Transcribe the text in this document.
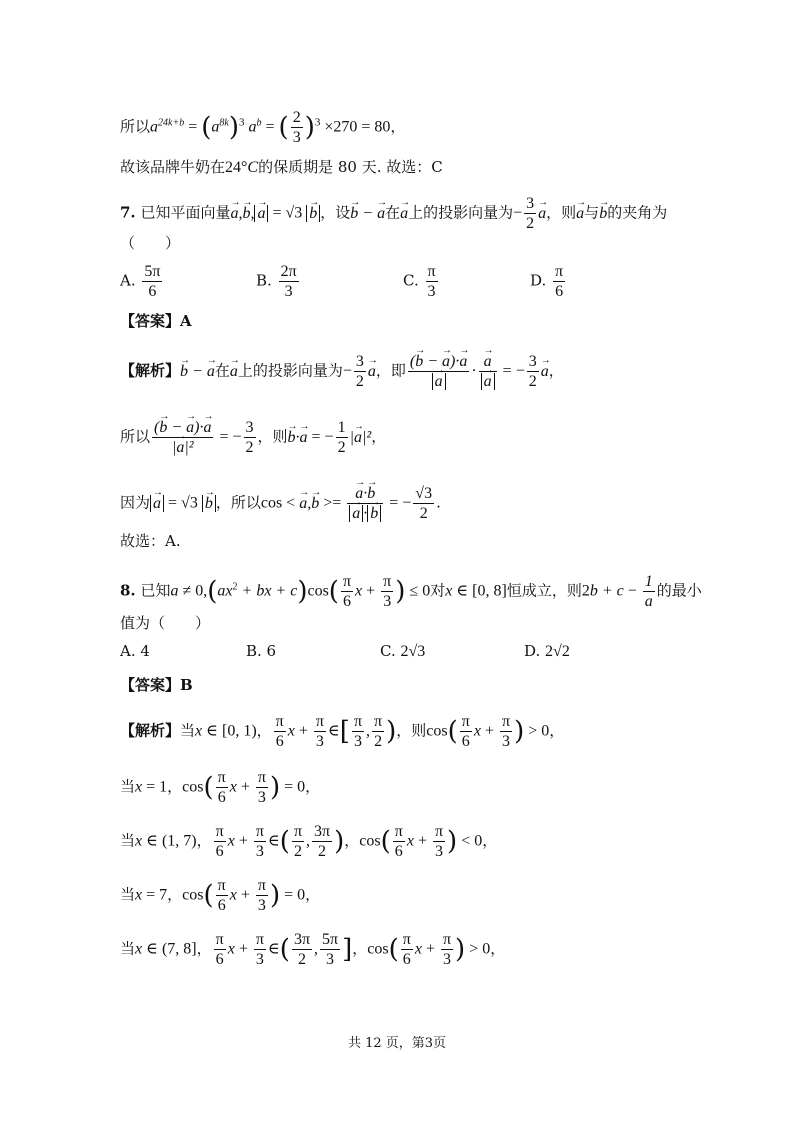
所以$a^{24k+b} = (a^{8k})^3$ $a^b$ = ( $\frac{2}{3} )^3 \times 270 = 80$，
故该品牌牛奶在24°C的保质期是 80 天. 故选：C
7. 已知平面向量→ a,→ b,→ a = √3 → b ，设→ b − → a在→ a上的投影向量为− $\frac{3}{2}$
→ a，则→ a与→ b的夹角为
（　　）
A. $\frac{5\pi}{6}$	B. $\frac{2\pi}{3}$	C. $\frac{\pi}{3}$	D. $\frac{\pi}{6}$
【答案】A
【解析】→ b − → a在→ a上的投影向量为− $\frac{3}{2}$
→ a，即 (→ b − → a)·→ a
→ a ·
→ a
→ a = − $\frac{3}{2}$
→ a，
所以 $\frac{(\to b - \to a)\cdot\to a}{\text{|→ a|²}}$ = − $\frac{3}{2}$ ，则→ b·→ a = − $\frac{1}{2}$ |→ a|²，
因为→ a = √3 → b ，所以cos < → a,→ b >=
→ a·→ b
→ a ·→ b = − $\frac{√3}{2}$ .
故选：A.
8. 已知$a \ne 0,(ax^2$ + bx + $c)\cos( \frac{\pi}{6}$ $x + \frac{\pi}{3}$ ) ≤ 0对x ∈ [0, 8]恒成立，则$2b + c - \frac{1}{a}$ 的最小
值为（　　）
A. 4	B. 6	C. 2√3	D. 2√2
【答案】B
【解析】当x ∈ [0, 1)， $\frac{\pi}{6}$ $x + \frac{\pi}{3}$ ∈[ $\frac{\pi}{3}$ , $\frac{\pi}{2}$ )，则$\cos( \frac{\pi}{6}$ $x + \frac{\pi}{3}$ ) > 0，
当x = 1，$\cos( \frac{\pi}{6}$ $x + \frac{\pi}{3}$ ) = 0，
当x ∈ (1, 7)， $\frac{\pi}{6}$ $x + \frac{\pi}{3}$ ∈( $\frac{\pi}{2}$ , $\frac{3\pi}{2}$ )，$\cos( \frac{\pi}{6}$ $x + \frac{\pi}{3}$ ) < 0，
当x = 7，$\cos( \frac{\pi}{6}$ $x + \frac{\pi}{3}$ ) = 0，
当x ∈ (7, 8]， $\frac{\pi}{6}$ $x + \frac{\pi}{3}$ ∈( $\frac{3\pi}{2}$ , $\frac{5\pi}{3}$ ]，$\cos( \frac{\pi}{6}$ $x + \frac{\pi}{3}$ ) > 0，
共 12 页，第3页
